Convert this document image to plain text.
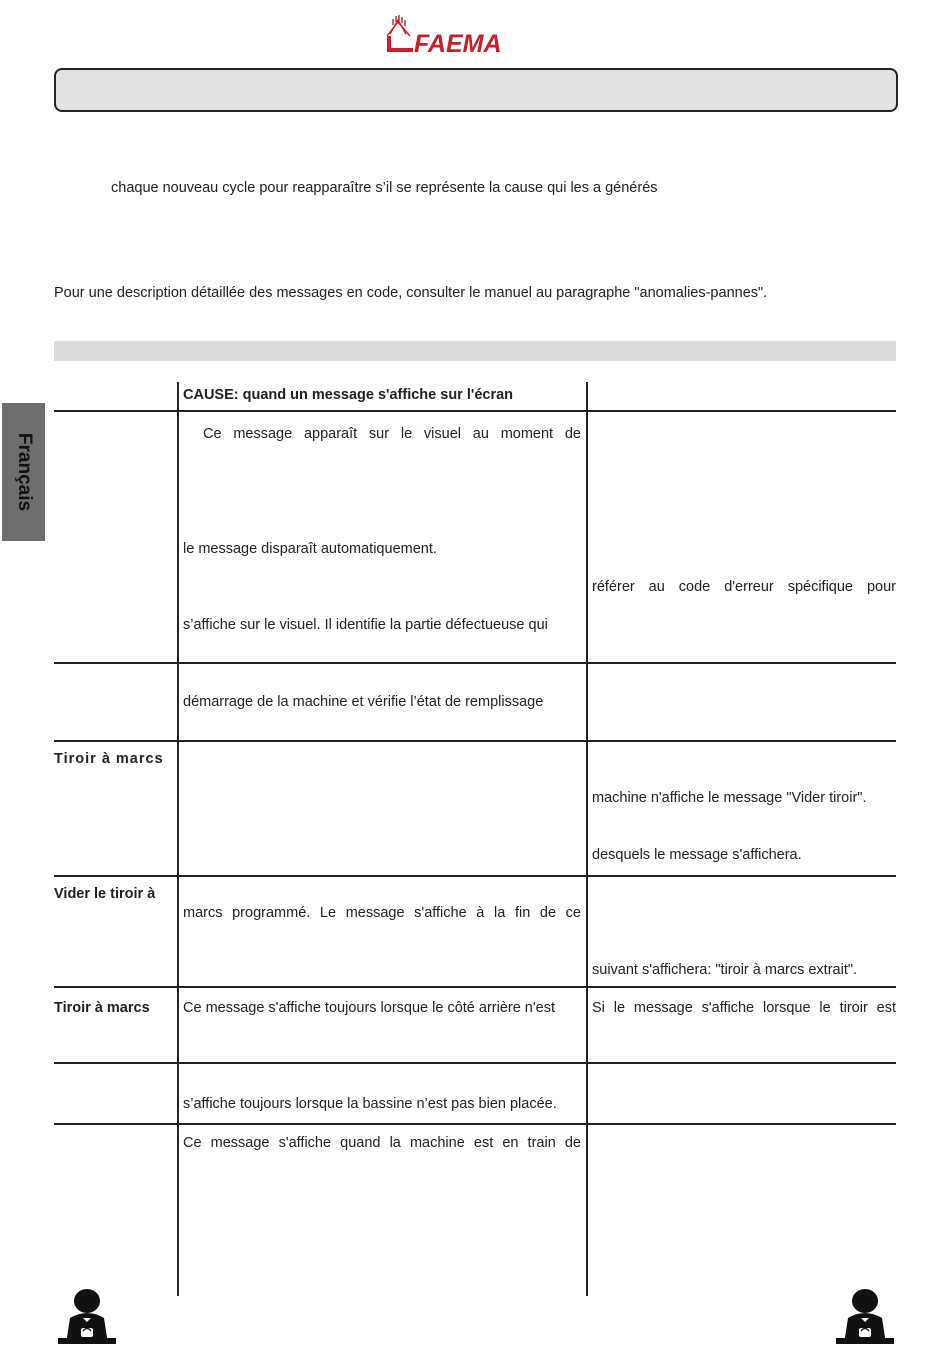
FAEMA
chaque nouveau cycle pour reapparaître s’il se représente la cause qui les a générés
Pour une description détaillée des messages en code, consulter le manuel au paragraphe "anomalies-pannes".
Français
CAUSE: quand un message s'affiche sur l'écran
Ce message apparaît sur le visuel au moment de
le message disparaît automatiquement.
s’affiche sur le visuel. Il identifie la partie défectueuse qui
référer au code d'erreur spécifique pour
démarrage de la machine et vérifie l’état de remplissage
Tiroir à marcs
machine n'affiche le message "Vider tiroir".
desquels le message s'affichera.
Vider le tiroir à
marcs programmé. Le message s'affiche à la fin de ce
suivant s'affichera: "tiroir à marcs extrait".
Tiroir à marcs Ce message s'affiche toujours lorsque le côté arrière n'est	Si le message s'affiche lorsque le tiroir est
s’affiche toujours lorsque la bassine n’est pas bien placée.
Ce message s'affiche quand la machine est en train de
